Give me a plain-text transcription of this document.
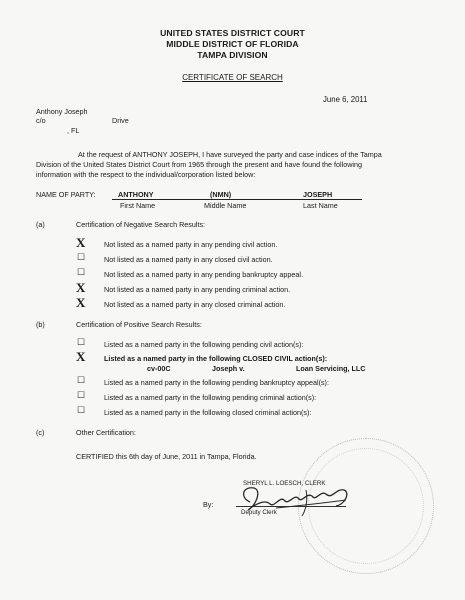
UNITED STATES DISTRICT COURT
MIDDLE DISTRICT OF FLORIDA
TAMPA DIVISION
CERTIFICATE OF SEARCH
June 6, 2011
Anthony Joseph
c/o	Drive
, FL
At the request of ANTHONY JOSEPH, I have surveyed the party and case indices of the Tampa
Division of the United States District Court from 1965 through the present and have found the following
information with the respect to the individual/corporation listed below:
NAME OF PARTY:	ANTHONY	(NMN)	JOSEPH
First Name	Middle Name	Last Name
(a)	Certification of Negative Search Results:
X	Not listed as a named party in any pending civil action.
☐	Not listed as a named party in any closed civil action.
☐	Not listed as a named party in any pending bankruptcy appeal.
X	Not listed as a named party in any pending criminal action.
X	Not listed as a named party in any closed criminal action.
(b)	Certification of Positive Search Results:
☐	Listed as a named party in the following pending civil action(s):
X	Listed as a named party in the following CLOSED CIVIL action(s):
cv-00C	Joseph v.	Loan Servicing, LLC
☐	Listed as a named party in the following pending bankruptcy appeal(s):
☐	Listed as a named party in the following pending criminal action(s):
☐	Listed as a named party in the following closed criminal action(s):
(c)	Other Certification:
CERTIFIED this 6th day of June, 2011 in Tampa, Florida.
SHERYL L. LOESCH, CLERK
By:
Deputy Clerk
